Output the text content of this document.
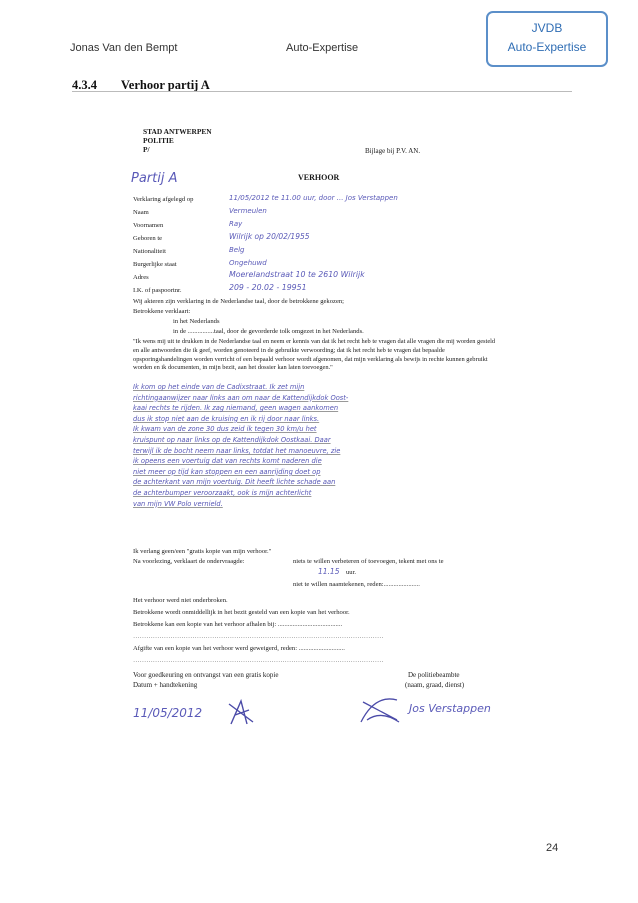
Jonas Van den Bempt	Auto-Expertise
JVDB
Auto-Expertise
4.3.4 Verhoor partij A
STAD ANTWERPEN
POLITIE
P/	Bijlage bij P.V. AN.
Partij A	VERHOOR
Verklaring afgelegd op	11/05/2012 te 11.00 uur, door ... Jos Verstappen
Naam	Vermeulen
Voornamen	Ray
Geboren te	Wilrijk op 20/02/1955
Nationaliteit	Belg
Burgerlijke staat	Ongehuwd
Adres	Moerelandstraat 10 te 2610 Wilrijk
I.K. of paspoortnr.	209 - 20.02 - 19951
Wij akteren zijn verklaring in de Nederlandse taal, door de betrokkene gekozen;
Betrokkene verklaart:
in het Nederlands
in de ................taal, door de gevorderde tolk omgezet in het Nederlands.
"Ik wens mij uit te drukken in de Nederlandse taal en neem er kennis van dat ik het recht heb te vragen dat alle vragen die mij worden gesteld en alle antwoorden die ik geef, worden genoteerd in de gebruikte verwoording; dat ik het recht heb te vragen dat bepaalde opsporingshandelingen worden verricht of een bepaald verhoor wordt afgenomen, dat mijn verklaring als bewijs in rechte kunnen gebruikt worden en ik documenten, in mijn bezit, aan het dossier kan laten toevoegen."
Ik kom op het einde van de Cadixstraat. Ik zet mijn
richtingaanwijzer naar links aan om naar de Kattendijkdok Oost-
kaai rechts te rijden. Ik zag niemand, geen wagen aankomen
dus ik stop niet aan de kruising en ik rij door naar links.
Ik kwam van de zone 30 dus zeid ik tegen 30 km/u het
kruispunt op naar links op de Kattendijkdok Oostkaai. Daar
terwijl ik de bocht neem naar links, totdat het manoeuvre, zie
ik opeens een voertuig dat van rechts komt naderen die
niet meer op tijd kan stoppen en een aanrijding doet op
de achterkant van mijn voertuig. Dit heeft lichte schade aan
de achterbumper veroorzaakt, ook is mijn achterlicht
van mijn VW Polo vernield.
Ik verlang geen/een "gratis kopie van mijn verhoor."
Na voorlezing, verklaart de ondervraagde:	niets te willen verbeteren of toevoegen, tekent met ons te
11.15 uur.
niet te willen naamtekenen, reden:......................
Het verhoor werd niet onderbroken.
Betrokkene wordt onmiddellijk in het bezit gesteld van een kopie van het verhoor.
Betrokkene kan een kopie van het verhoor afhalen bij: .......................................
……………………………………………………………………………………………………
Afgifte van een kopie van het verhoor werd geweigerd, reden: ............................
……………………………………………………………………………………………………
Voor goedkeuring en ontvangst van een gratis kopie
Datum + handtekening
De politiebeambte
(naam, graad, dienst)
11/05/2012	Jos Verstappen
24
